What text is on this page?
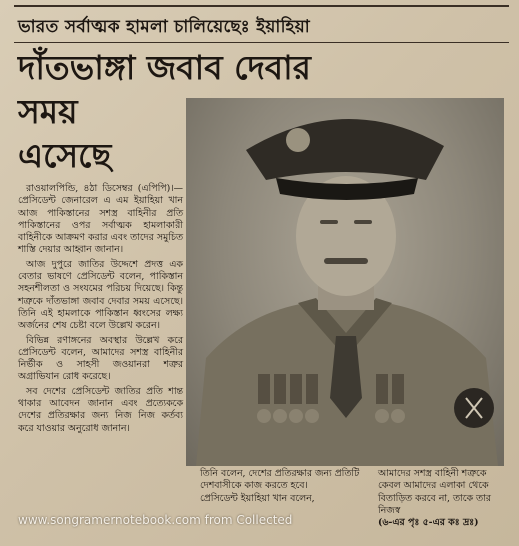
ভারত সর্বাত্মক হামলা চালিয়েছেঃ ইয়াহিয়া
দাঁতভাঙ্গা জবাব দেবার
সময়
এসেছে

রাওয়ালপিন্ডি, ৪ঠা ডিসেম্বর (এপিপি)।— প্রেসিডেন্ট জেনারেল এ এম ইয়াহিয়া খান আজ পাকিস্তানের সশস্ত্র বাহিনীর প্রতি পাকিস্তানের ওপর সর্বাত্মক হামলাকারী বাহিনীকে আক্রমণ করার এবং তাদের সমুচিত শাস্তি দেয়ার আহ্বান জানান।

আজ দুপুরে জাতির উদ্দেশে প্রদত্ত এক বেতার ভাষণে প্রেসিডেন্ট বলেন, পাকিস্তান সহনশীলতা ও সংযমের পরিচয় দিয়েছে। কিন্তু শত্রুকে দাঁতভাঙ্গা জবাব দেবার সময় এসেছে। তিনি এই হামলাকে পাকিস্তান ধ্বংসের লক্ষ্য অর্জনের শেষ চেষ্টা বলে উল্লেখ করেন।

বিভিন্ন রণাঙ্গনের অবস্থার উল্লেখ করে প্রেসিডেন্ট বলেন, আমাদের সশস্ত্র বাহিনীর নির্ভীক ও সাহসী জওয়ানরা শত্রুর অগ্রাভিযান রোধ করেছে।

সব দেশের প্রেসিডেন্ট জাতির প্রতি শান্ত থাকার আবেদন জানান এবং প্রত্যেককে দেশের প্রতিরক্ষার জন্য নিজ নিজ কর্তব্য করে যাওয়ার অনুরোধ জানান।

তিনি বলেন, দেশের প্রতিরক্ষার জন্য প্রতিটি দেশবাসীকে কাজ করতে হবে।
প্রেসিডেন্ট ইয়াহিয়া খান বলেন,
আমাদের সশস্ত্র বাহিনী শত্রুকে কেবল আমাদের এলাকা থেকে বিতাড়িত করবে না, তাকে তার নিজস্ব
(৬-এর পৃঃ ৫-এর কঃ দ্রঃ)
www.songramernotebook.com from Collected
